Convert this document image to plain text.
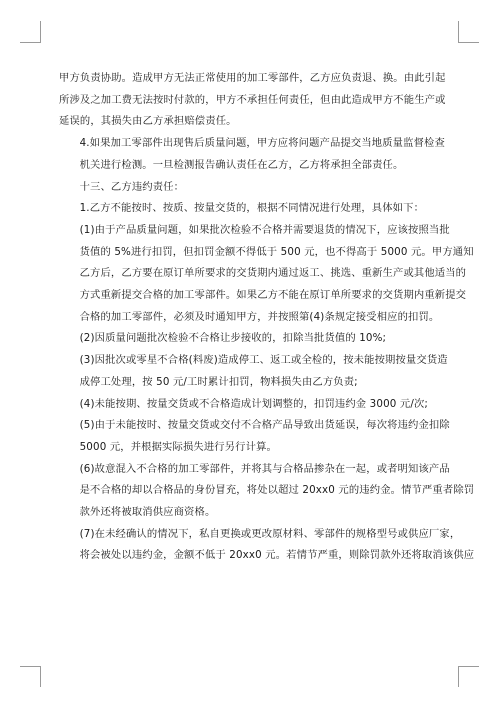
甲方负责协助。造成甲方无法正常使用的加工零部件，乙方应负责退、换。由此引起
所涉及之加工费无法按时付款的，甲方不承担任何责任，但由此造成甲方不能生产或
延误的，其损失由乙方承担赔偿责任。
4.如果加工零部件出现售后质量问题，甲方应将问题产品提交当地质量监督检查
机关进行检测。一旦检测报告确认责任在乙方，乙方将承担全部责任。
十三、乙方违约责任：
1.乙方不能按时、按质、按量交货的，根据不同情况进行处理，具体如下：
(1)由于产品质量问题，如果批次检验不合格并需要退货的情况下，应该按照当批
货值的 5%进行扣罚，但扣罚金额不得低于 500 元，也不得高于 5000 元。甲方通知
乙方后，乙方要在原订单所要求的交货期内通过返工、挑选、重新生产或其他适当的
方式重新提交合格的加工零部件。如果乙方不能在原订单所要求的交货期内重新提交
合格的加工零部件，必须及时通知甲方，并按照第(4)条规定接受相应的扣罚。
(2)因质量问题批次检验不合格让步接收的，扣除当批货值的 10%;
(3)因批次或零星不合格(料废)造成停工、返工或全检的，按未能按期按量交货造
成停工处理，按 50 元/工时累计扣罚，物料损失由乙方负责;
(4)未能按期、按量交货或不合格造成计划调整的，扣罚违约金 3000 元/次;
(5)由于未能按时、按量交货或交付不合格产品导致出货延误，每次将违约金扣除
5000 元，并根据实际损失进行另行计算。
(6)故意混入不合格的加工零部件，并将其与合格品掺杂在一起，或者明知该产品
是不合格的却以合格品的身份冒充，将处以超过 20xx0 元的违约金。情节严重者除罚
款外还将被取消供应商资格。
(7)在未经确认的情况下，私自更换或更改原材料、零部件的规格型号或供应厂家，
将会被处以违约金，金额不低于 20xx0 元。若情节严重，则除罚款外还将取消该供应
